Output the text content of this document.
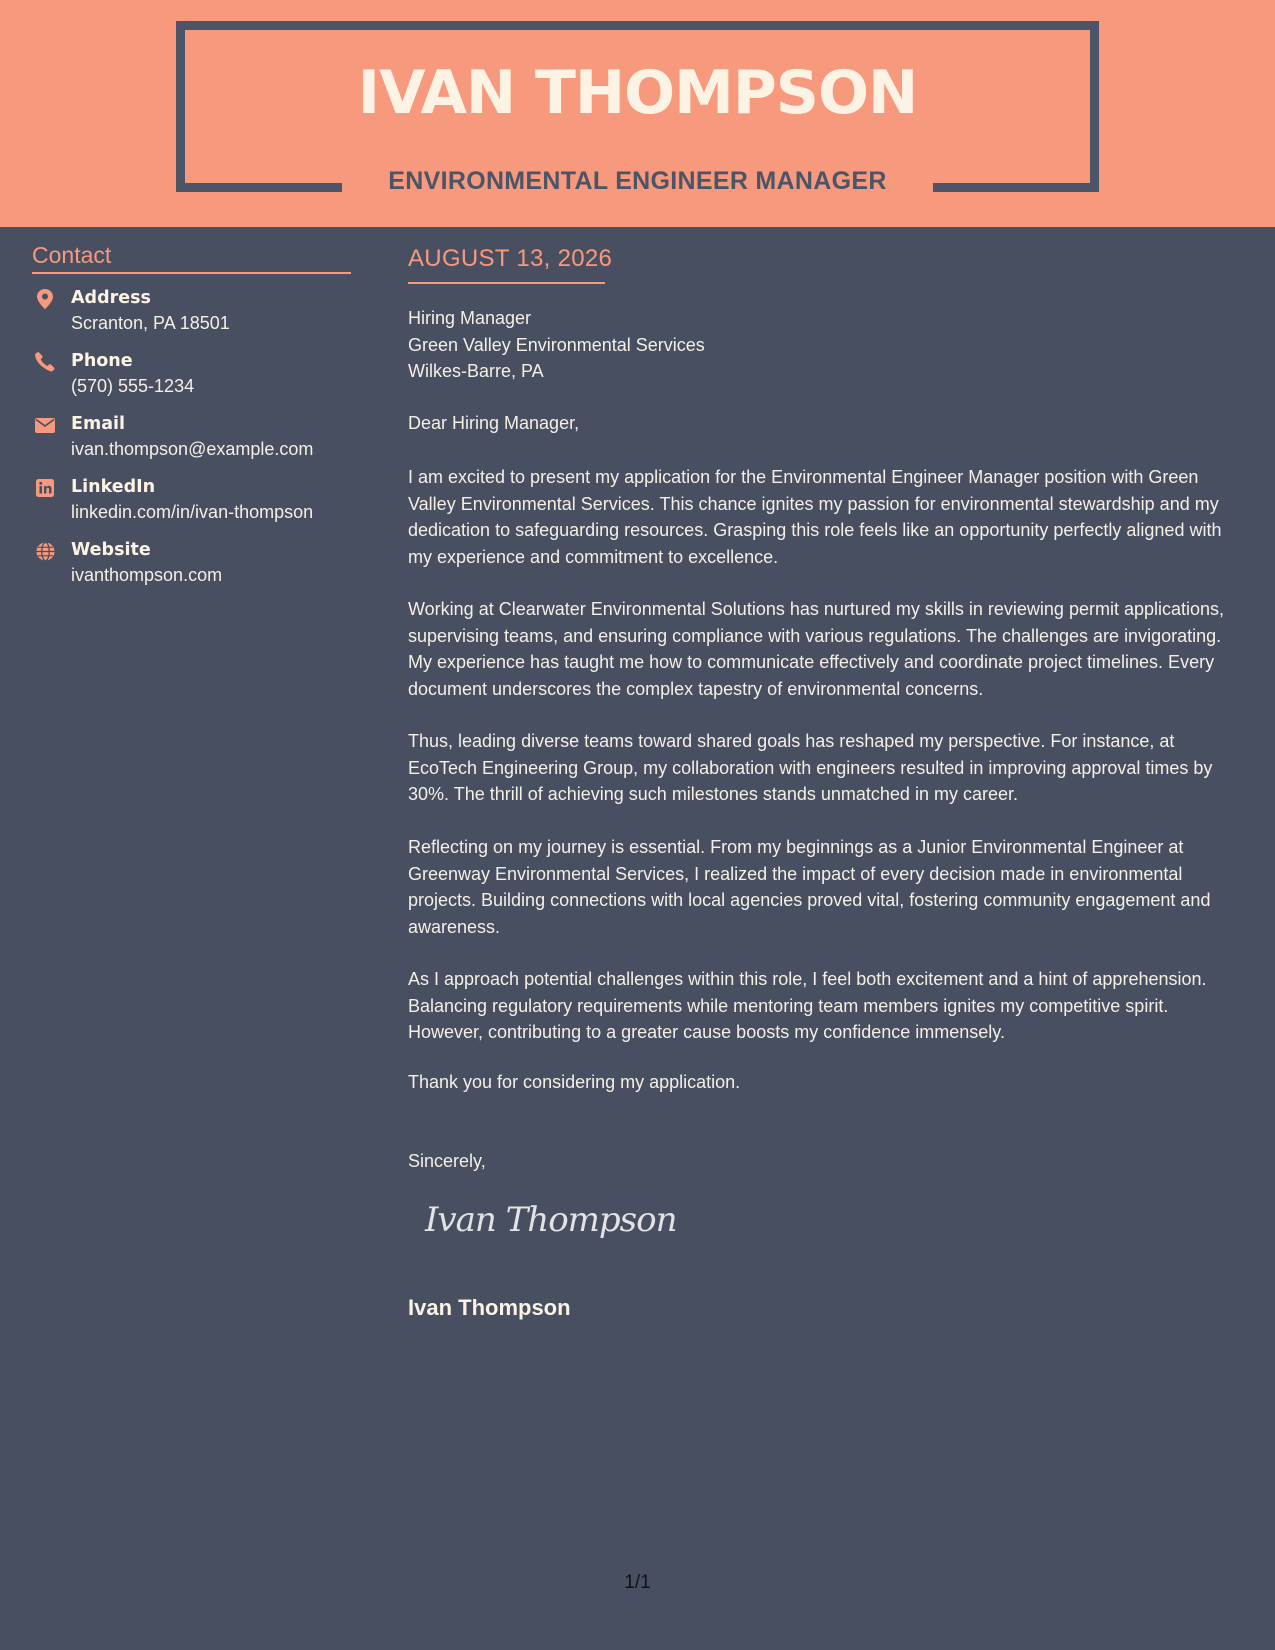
IVAN THOMPSON
ENVIRONMENTAL ENGINEER MANAGER
Contact
Address
Scranton, PA 18501
Phone
(570) 555-1234
Email
ivan.thompson@example.com
LinkedIn
linkedin.com/in/ivan-thompson
Website
ivanthompson.com
AUGUST 13, 2026
Hiring Manager
Green Valley Environmental Services
Wilkes-Barre, PA
Dear Hiring Manager,

I am excited to present my application for the Environmental Engineer Manager position with Green Valley Environmental Services. This chance ignites my passion for environmental stewardship and my dedication to safeguarding resources. Grasping this role feels like an opportunity perfectly aligned with my experience and commitment to excellence.

Working at Clearwater Environmental Solutions has nurtured my skills in reviewing permit applications, supervising teams, and ensuring compliance with various regulations. The challenges are invigorating. My experience has taught me how to communicate effectively and coordinate project timelines. Every document underscores the complex tapestry of environmental concerns.

Thus, leading diverse teams toward shared goals has reshaped my perspective. For instance, at EcoTech Engineering Group, my collaboration with engineers resulted in improving approval times by 30%. The thrill of achieving such milestones stands unmatched in my career.

Reflecting on my journey is essential. From my beginnings as a Junior Environmental Engineer at Greenway Environmental Services, I realized the impact of every decision made in environmental projects. Building connections with local agencies proved vital, fostering community engagement and awareness.

As I approach potential challenges within this role, I feel both excitement and a hint of apprehension. Balancing regulatory requirements while mentoring team members ignites my competitive spirit. However, contributing to a greater cause boosts my confidence immensely.

Thank you for considering my application.
Sincerely,
Ivan Thompson
Ivan Thompson
1/1
